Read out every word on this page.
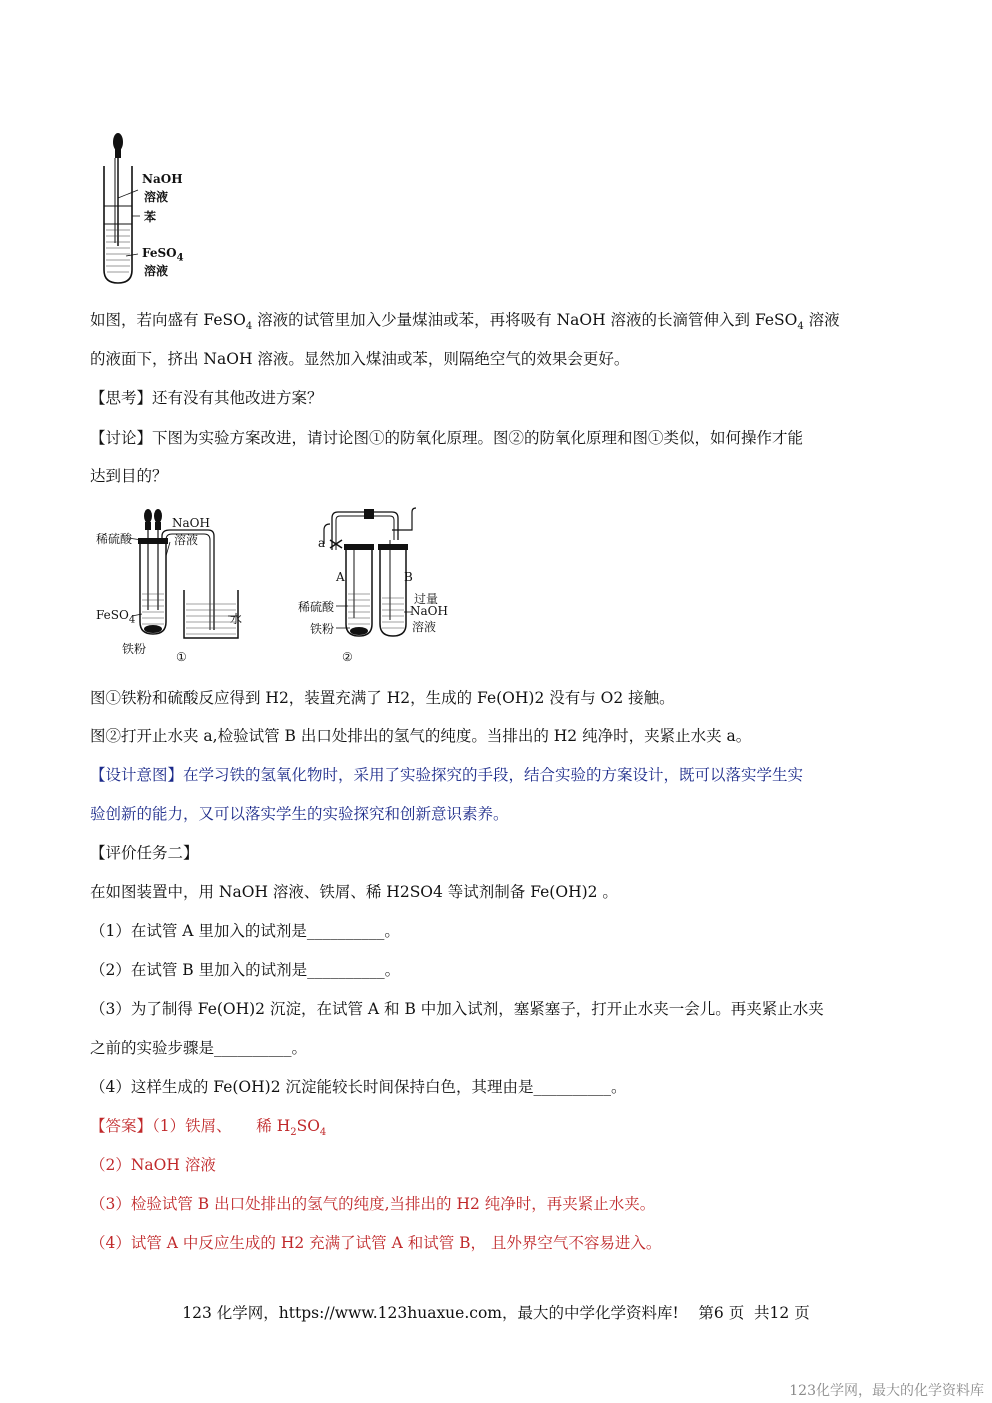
NaOH
溶液
苯
FeSO$_4$
溶液
如图，若向盛有 FeSO$_4$ 溶液的试管里加入少量煤油或苯，再将吸有 NaOH 溶液的长滴管伸入到 FeSO$_4$ 溶液
的液面下，挤出 NaOH 溶液。显然加入煤油或苯，则隔绝空气的效果会更好。
【思考】还有没有其他改进方案？
【讨论】下图为实验方案改进，请讨论图①的防氧化原理。图②的防氧化原理和图①类似，如何操作才能
达到目的？
稀硫酸
NaOH
溶液
FeSO$_4$	水
铁粉
①
a
A	B
稀硫酸
铁粉
过量
NaOH
溶液
②
图①铁粉和硫酸反应得到 H2，装置充满了 H2，生成的 Fe(OH)2 没有与 O2 接触。
图②打开止水夹 a,检验试管 B 出口处排出的氢气的纯度。当排出的 H2 纯净时，夹紧止水夹 a。
【设计意图】在学习铁的氢氧化物时，采用了实验探究的手段，结合实验的方案设计，既可以落实学生实
验创新的能力，又可以落实学生的实验探究和创新意识素养。
【评价任务二】
在如图装置中，用 NaOH 溶液、铁屑、稀 H2SO4 等试剂制备 Fe(OH)2 。
（1）在试管 A 里加入的试剂是__________。
（2）在试管 B 里加入的试剂是__________。
（3）为了制得 Fe(OH)2 沉淀，在试管 A 和 B 中加入试剂，塞紧塞子，打开止水夹一会儿。再夹紧止水夹
之前的实验步骤是__________。
（4）这样生成的 Fe(OH)2 沉淀能较长时间保持白色，其理由是__________。
【答案】（1）铁屑、     稀 $H_2SO_4$
（2）NaOH 溶液
（3）检验试管 B 出口处排出的氢气的纯度,当排出的 H2 纯净时，再夹紧止水夹。
（4）试管 A 中反应生成的 H2 充满了试管 A 和试管 B， 且外界空气不容易进入。
123 化学网，https://www.123huaxue.com，最大的中学化学资料库!    第6 页  共12 页
123化学网，最大的化学资料库
